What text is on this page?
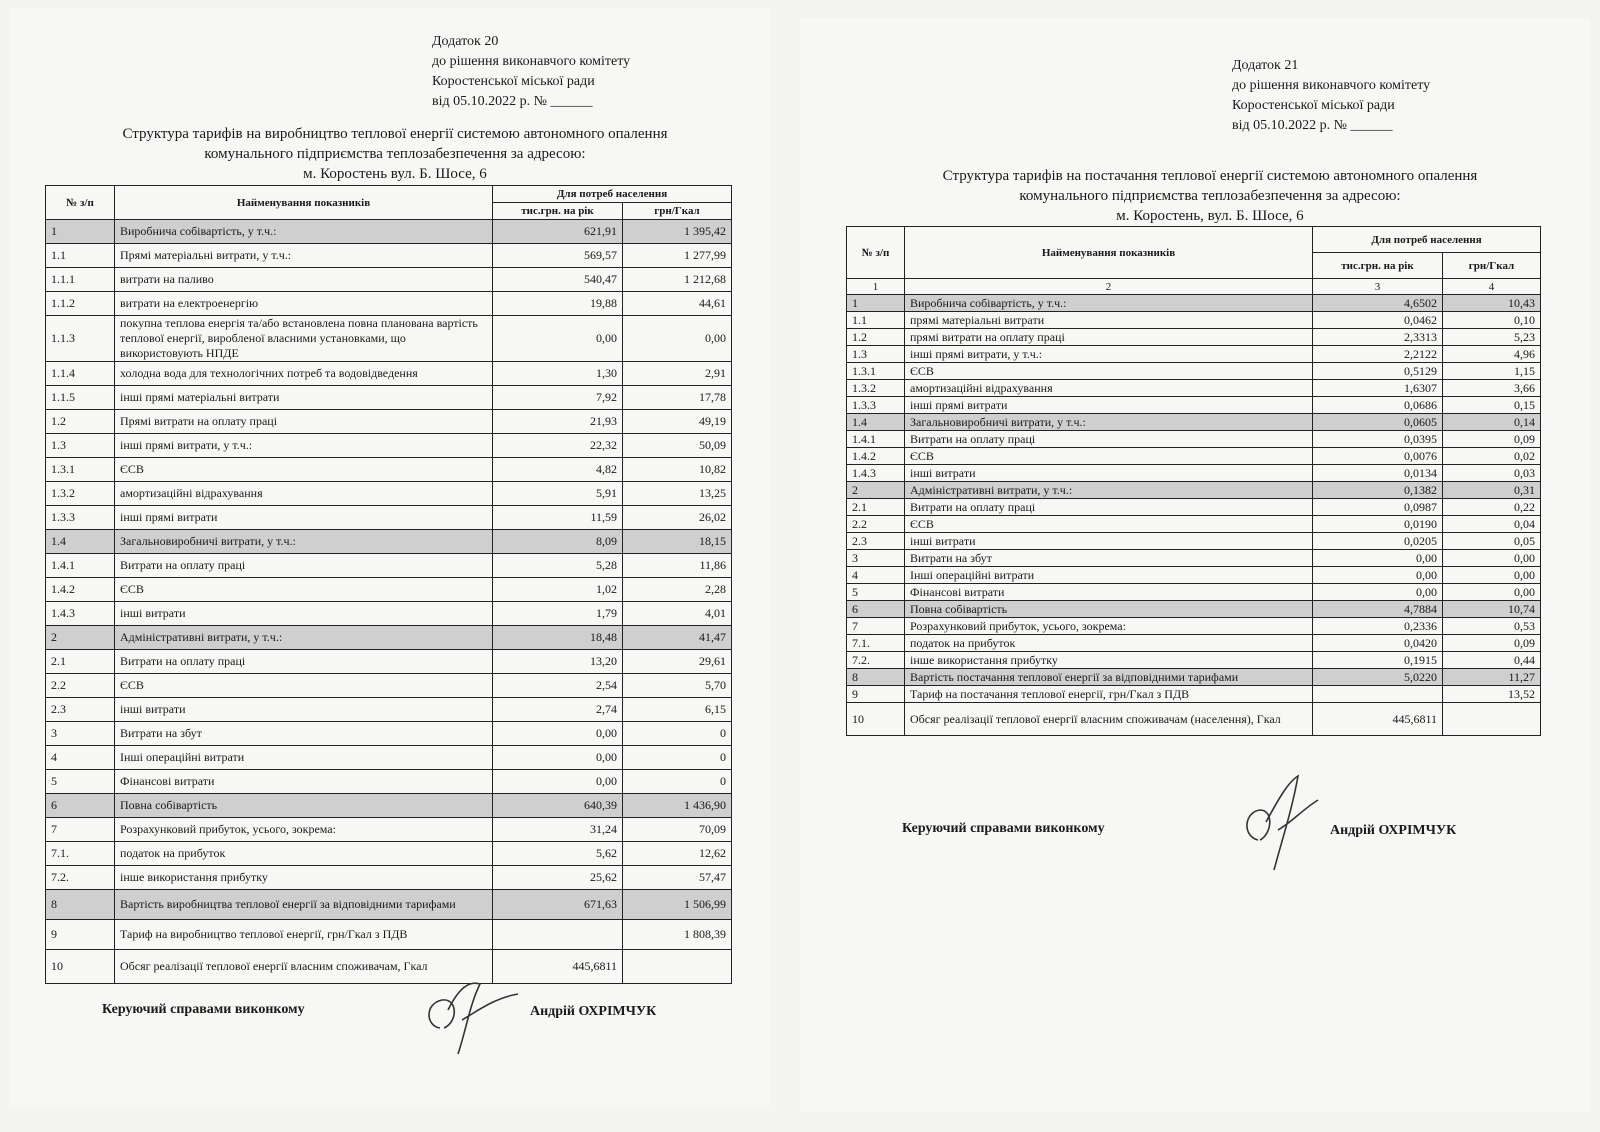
Додаток 20
до рішення виконавчого комітету
Коростенської міської ради
від 05.10.2022 р. № ______
Структура тарифів на виробництво теплової енергії системою автономного опалення
комунального підприємства теплозабезпечення за адресою:
м. Коростень вул. Б. Шосе, 6
№ з/п	Найменування показників	Для потреб населення	
		тис.грн. на рік	грн/Гкал
1	Виробнича собівартість, у т.ч.:	621,91	1 395,42
1.1	Прямі матеріальні витрати, у т.ч.:	569,57	1 277,99
1.1.1	витрати на паливо	540,47	1 212,68
1.1.2	витрати на електроенергію	19,88	44,61
1.1.3	покупна теплова енергія та/або встановлена повна планована вартість теплової енергії, виробленої власними установками, що використовують НПДЕ	0,00	0,00
1.1.4	холодна вода для технологічних потреб та водовідведення	1,30	2,91
1.1.5	інші прямі матеріальні витрати	7,92	17,78
1.2	Прямі витрати на оплату праці	21,93	49,19
1.3	інші прямі витрати, у т.ч.:	22,32	50,09
1.3.1	ЄСВ	4,82	10,82
1.3.2	амортизаційні відрахування	5,91	13,25
1.3.3	інші прямі витрати	11,59	26,02
1.4	Загальновиробничі витрати, у т.ч.:	8,09	18,15
1.4.1	Витрати на оплату праці	5,28	11,86
1.4.2	ЄСВ	1,02	2,28
1.4.3	інші витрати	1,79	4,01
2	Адміністративні витрати, у т.ч.:	18,48	41,47
2.1	Витрати на оплату праці	13,20	29,61
2.2	ЄСВ	2,54	5,70
2.3	інші витрати	2,74	6,15
3	Витрати на збут	0,00	0
4	Інші операційні витрати	0,00	0
5	Фінансові витрати	0,00	0
6	Повна собівартість	640,39	1 436,90
7	Розрахунковий прибуток, усього, зокрема:	31,24	70,09
7.1.	податок на прибуток	5,62	12,62
7.2.	інше використання прибутку	25,62	57,47
8	Вартість виробництва теплової енергії за відповідними тарифами	671,63	1 506,99
9	Тариф на виробництво теплової енергії, грн/Гкал з ПДВ		1 808,39
10	Обсяг реалізації теплової енергії власним споживачам, Гкал	445,6811	
Керуючий справами виконкому	Андрій ОХРІМЧУК
Додаток 21
до рішення виконавчого комітету
Коростенської міської ради
від 05.10.2022 р. № ______
Структура тарифів на постачання теплової енергії системою автономного опалення
комунального підприємства теплозабезпечення за адресою:
м. Коростень, вул. Б. Шосе, 6
№ з/п	Найменування показників	Для потреб населення	
		тис.грн. на рік	грн/Гкал
1	2	3	4
1	Виробнича собівартість, у т.ч.:	4,6502	10,43
1.1	прямі матеріальні витрати	0,0462	0,10
1.2	прямі витрати на оплату праці	2,3313	5,23
1.3	інші прямі витрати, у т.ч.:	2,2122	4,96
1.3.1	ЄСВ	0,5129	1,15
1.3.2	амортизаційні відрахування	1,6307	3,66
1.3.3	інші прямі витрати	0,0686	0,15
1.4	Загальновиробничі витрати, у т.ч.:	0,0605	0,14
1.4.1	Витрати на оплату праці	0,0395	0,09
1.4.2	ЄСВ	0,0076	0,02
1.4.3	інші витрати	0,0134	0,03
2	Адміністративні витрати, у т.ч.:	0,1382	0,31
2.1	Витрати на оплату праці	0,0987	0,22
2.2	ЄСВ	0,0190	0,04
2.3	інші витрати	0,0205	0,05
3	Витрати на збут	0,00	0,00
4	Інші операційні витрати	0,00	0,00
5	Фінансові витрати	0,00	0,00
6	Повна собівартість	4,7884	10,74
7	Розрахунковий прибуток, усього, зокрема:	0,2336	0,53
7.1.	податок на прибуток	0,0420	0,09
7.2.	інше використання прибутку	0,1915	0,44
8	Вартість постачання теплової енергії за відповідними тарифами	5,0220	11,27
9	Тариф на постачання теплової енергії, грн/Гкал з ПДВ		13,52
10	Обсяг реалізації теплової енергії власним споживачам (населення), Гкал	445,6811	
Керуючий справами виконкому	Андрій ОХРІМЧУК
